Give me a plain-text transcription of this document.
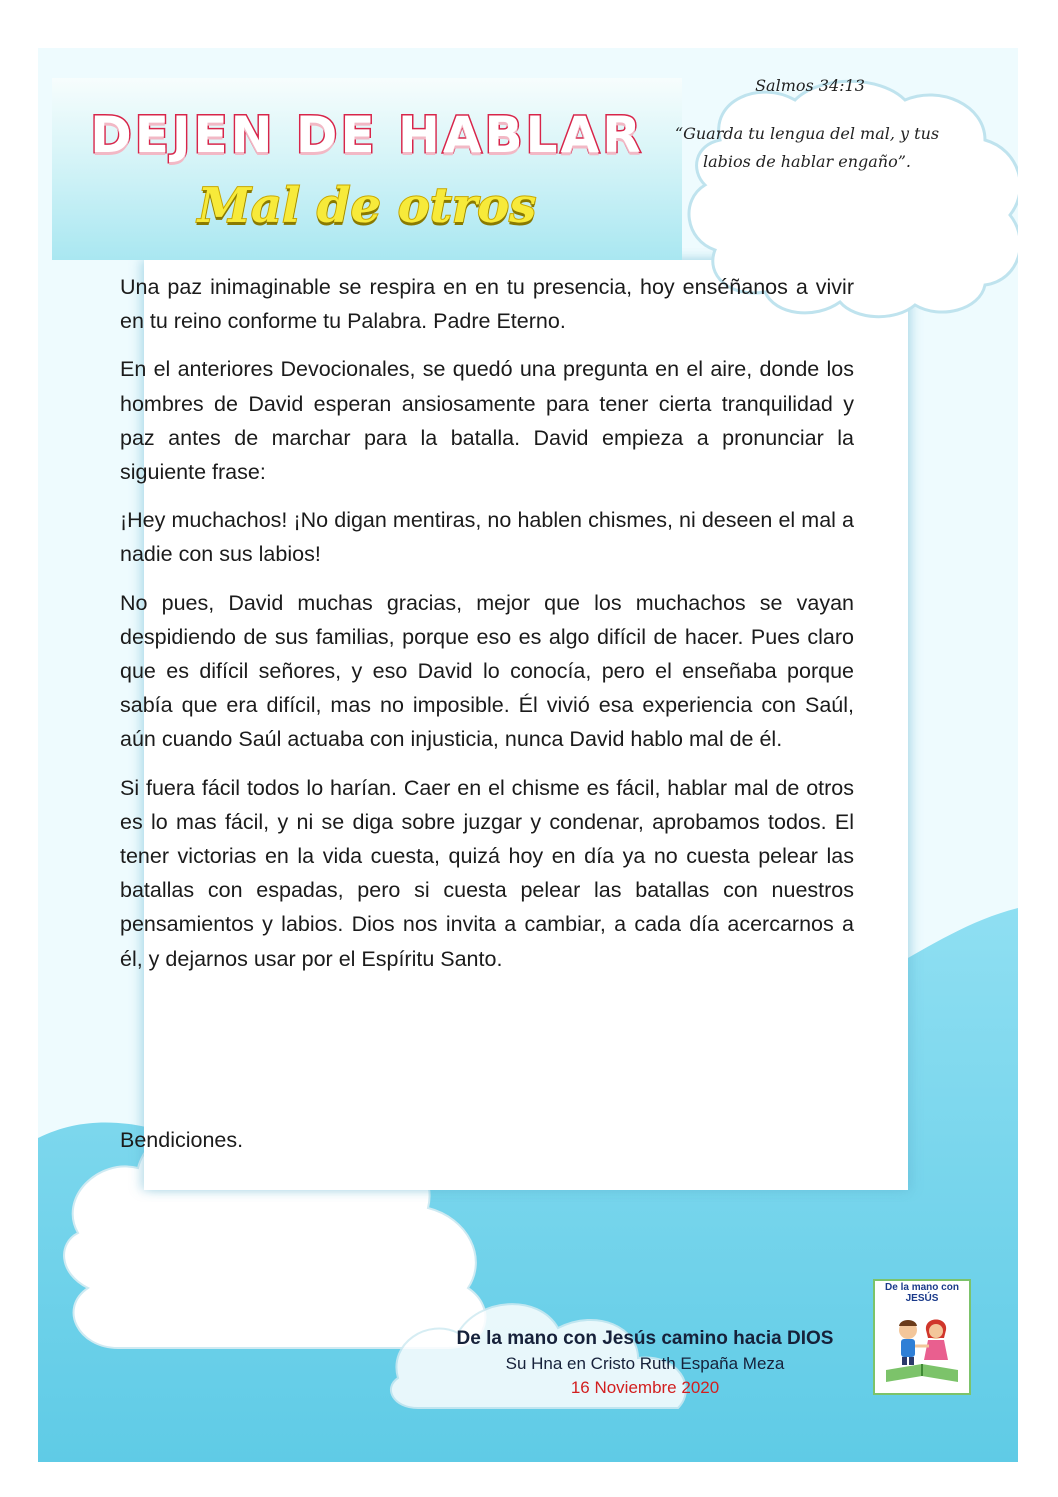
DEJEN DE HABLAR
Mal de otros
Salmos 34:13
“Guarda tu lengua del mal, y tus labios de hablar engaño”.

Una paz inimaginable se respira en en tu presencia, hoy enséñanos a vivir en tu reino conforme tu Palabra. Padre Eterno.

En el anteriores Devocionales, se quedó una pregunta en el aire, donde los hombres de David esperan ansiosamente para tener cierta tranquilidad y paz antes de marchar para la batalla. David empieza a pronunciar la siguiente frase:

¡Hey muchachos! ¡No digan mentiras, no hablen chismes, ni deseen el mal a nadie con sus labios!

No pues, David muchas gracias, mejor que los muchachos se vayan despidiendo de sus familias, porque eso es algo difícil de hacer. Pues claro que es difícil señores, y eso David lo conocía, pero el enseñaba porque sabía que era difícil, mas no imposible. Él vivió esa experiencia con Saúl, aún cuando Saúl actuaba con injusticia, nunca David hablo mal de él.

Si fuera fácil todos lo harían. Caer en el chisme es fácil, hablar mal de otros es lo mas fácil, y ni se diga sobre juzgar y condenar, aprobamos todos. El tener victorias en la vida cuesta, quizá hoy en día ya no cuesta pelear las batallas con espadas, pero si cuesta pelear las batallas con nuestros pensamientos y labios. Dios nos invita a cambiar, a cada día acercarnos a él, y dejarnos usar por el Espíritu Santo.

Bendiciones.
De la mano con Jesús camino hacia DIOS
Su Hna en Cristo Ruth España Meza
16 Noviembre 2020
De la mano con JESÚS
